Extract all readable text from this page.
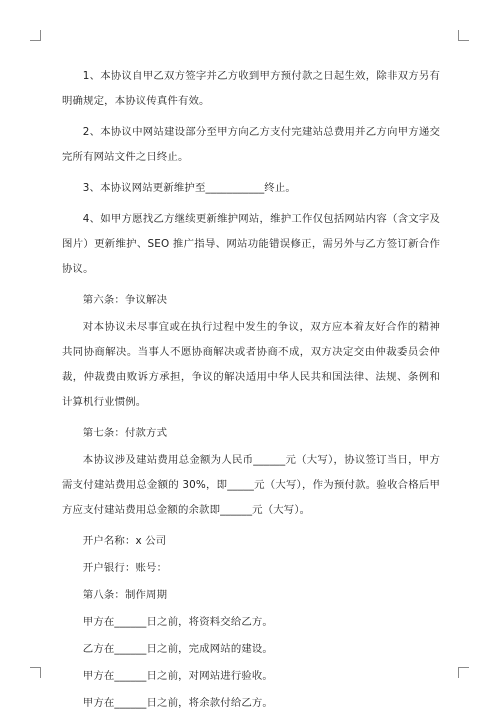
1、本协议自甲乙双方签字并乙方收到甲方预付款之日起生效，除非双方另有明确规定，本协议传真件有效。

2、本协议中网站建设部分至甲方向乙方支付完建站总费用并乙方向甲方递交完所有网站文件之日终止。

3、本协议网站更新维护至___________终止。

4、如甲方愿找乙方继续更新维护网站，维护工作仅包括网站内容（含文字及图片）更新维护、SEO 推广指导、网站功能错误修正，需另外与乙方签订新合作协议。

第六条：争议解决

对本协议未尽事宜或在执行过程中发生的争议，双方应本着友好合作的精神共同协商解决。当事人不愿协商解决或者协商不成，双方决定交由仲裁委员会仲裁，仲裁费由败诉方承担，争议的解决适用中华人民共和国法律、法规、条例和计算机行业惯例。

第七条：付款方式

本协议涉及建站费用总金额为人民币______元（大写），协议签订当日，甲方需支付建站费用总金额的 30%，即_____元（大写），作为预付款。验收合格后甲方应支付建站费用总金额的余款即______元（大写）。

开户名称：x 公司

开户银行：账号：

第八条：制作周期

甲方在______日之前，将资料交给乙方。

乙方在______日之前，完成网站的建设。

甲方在______日之前，对网站进行验收。

甲方在______日之前，将余款付给乙方。
